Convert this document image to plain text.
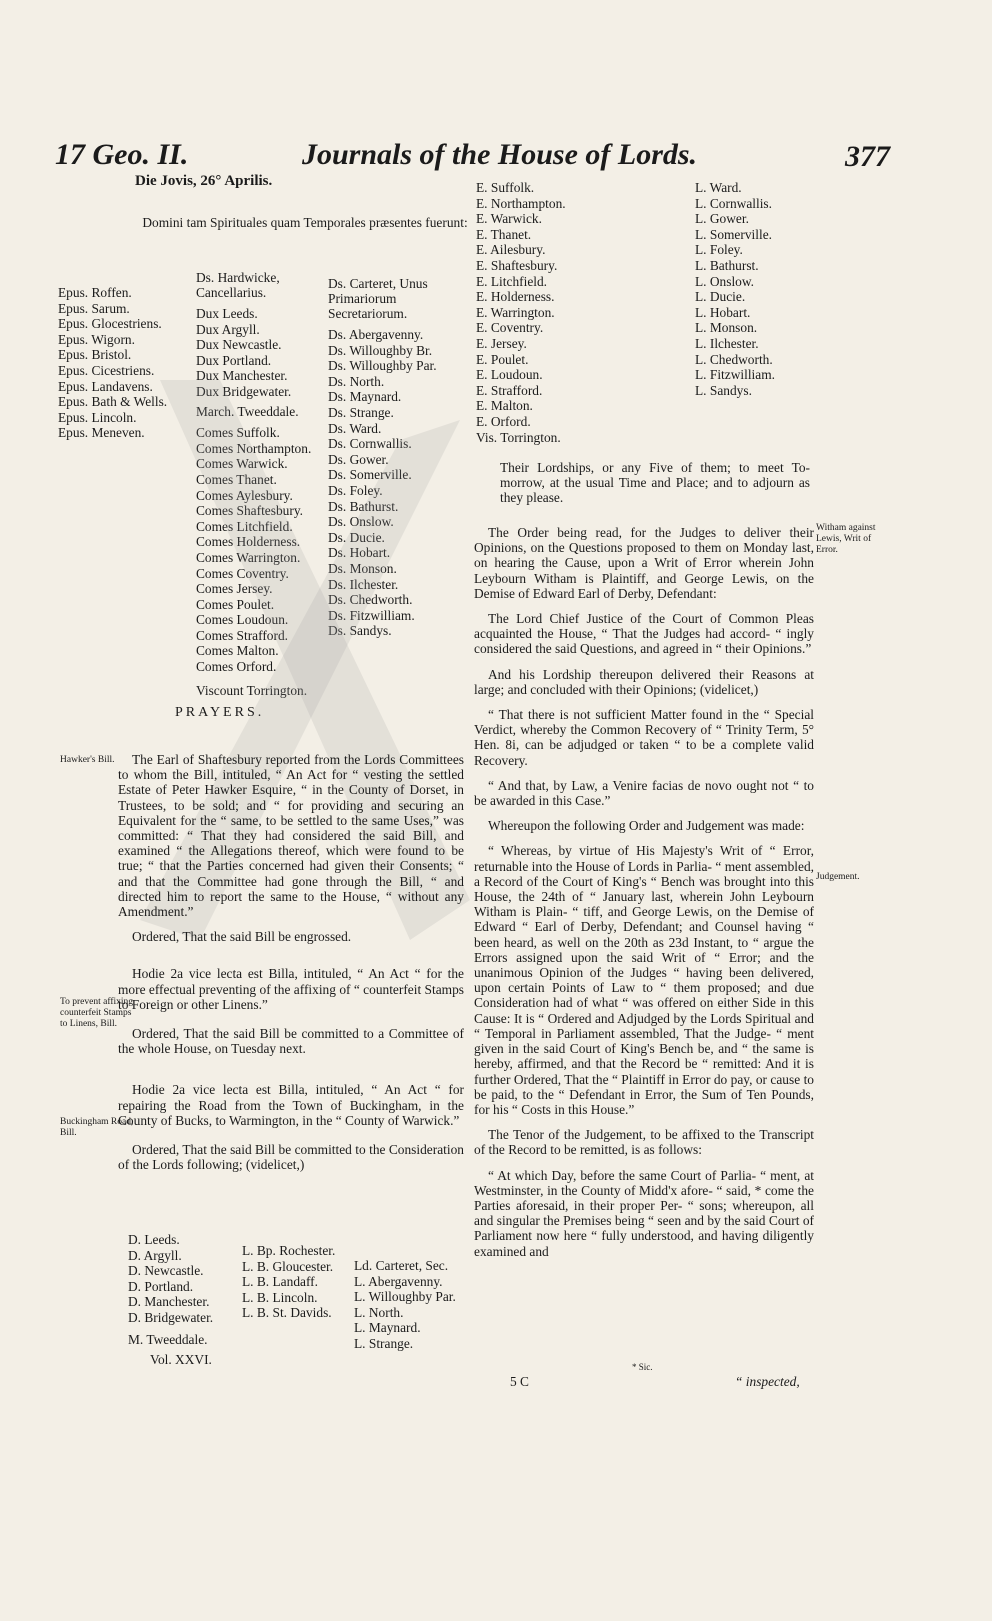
17 Geo. II.	Journals of the House of Lords.	377
Die Jovis, 26° Aprilis.
Domini tam Spirituales quam Temporales præsentes fuerunt:
Epus. Roffen.
Epus. Sarum.
Epus. Glocestriens.
Epus. Wigorn.
Epus. Bristol.
Epus. Cicestriens.
Epus. Landavens.
Epus. Bath & Wells.
Epus. Lincoln.
Epus. Meneven.
Ds. Hardwicke, Cancellarius.
Dux Leeds.
Dux Argyll.
Dux Newcastle.
Dux Portland.
Dux Manchester.
Dux Bridgewater.
March. Tweeddale.
Comes Suffolk.
Comes Northampton.
Comes Warwick.
Comes Thanet.
Comes Aylesbury.
Comes Shaftesbury.
Comes Litchfield.
Comes Holderness.
Comes Warrington.
Comes Coventry.
Comes Jersey.
Comes Poulet.
Comes Loudoun.
Comes Strafford.
Comes Malton.
Comes Orford.
Viscount Torrington.
Ds. Carteret, Unus Primariorum Secretariorum.
Ds. Abergavenny.
Ds. Willoughby Br.
Ds. Willoughby Par.
Ds. North.
Ds. Maynard.
Ds. Strange.
Ds. Ward.
Ds. Cornwallis.
Ds. Gower.
Ds. Somerville.
Ds. Foley.
Ds. Bathurst.
Ds. Onslow.
Ds. Ducie.
Ds. Hobart.
Ds. Monson.
Ds. Ilchester.
Ds. Chedworth.
Ds. Fitzwilliam.
Ds. Sandys.
PRAYERS.
Hawker's Bill.
To prevent affixing counterfeit Stamps to Linens, Bill.
Buckingham Road, Bill.

The Earl of Shaftesbury reported from the Lords Committees to whom the Bill, intituled, “ An Act for “ vesting the settled Estate of Peter Hawker Esquire, “ in the County of Dorset, in Trustees, to be sold; and “ for providing and securing an Equivalent for the “ same, to be settled to the same Uses,” was committed: “ That they had considered the said Bill, and examined “ the Allegations thereof, which were found to be true; “ that the Parties concerned had given their Consents; “ and that the Committee had gone through the Bill, “ and directed him to report the same to the House, “ without any Amendment.”

Ordered, That the said Bill be engrossed.

Hodie 2a vice lecta est Billa, intituled, “ An Act “ for the more effectual preventing of the affixing of “ counterfeit Stamps to Foreign or other Linens.”

Ordered, That the said Bill be committed to a Committee of the whole House, on Tuesday next.

Hodie 2a vice lecta est Billa, intituled, “ An Act “ for repairing the Road from the Town of Buckingham, in the County of Bucks, to Warmington, in the “ County of Warwick.”

Ordered, That the said Bill be committed to the Consideration of the Lords following; (videlicet,)

D. Leeds.
D. Argyll.
D. Newcastle.
D. Portland.
D. Manchester.
D. Bridgewater.
M. Tweeddale.
L. Bp. Rochester.
L. B. Gloucester.
L. B. Landaff.
L. B. Lincoln.
L. B. St. Davids.
Ld. Carteret, Sec.
L. Abergavenny.
L. Willoughby Par.
L. North.
L. Maynard.
L. Strange.
Vol. XXVI.
E. Suffolk.
E. Northampton.
E. Warwick.
E. Thanet.
E. Ailesbury.
E. Shaftesbury.
E. Litchfield.
E. Holderness.
E. Warrington.
E. Coventry.
E. Jersey.
E. Poulet.
E. Loudoun.
E. Strafford.
E. Malton.
E. Orford.
Vis. Torrington.
L. Ward.
L. Cornwallis.
L. Gower.
L. Somerville.
L. Foley.
L. Bathurst.
L. Onslow.
L. Ducie.
L. Hobart.
L. Monson.
L. Ilchester.
L. Chedworth.
L. Fitzwilliam.
L. Sandys.
Their Lordships, or any Five of them; to meet To-morrow, at the usual Time and Place; and to adjourn as they please.
Witham against Lewis, Writ of Error.
Judgement.

The Order being read, for the Judges to deliver their Opinions, on the Questions proposed to them on Monday last, on hearing the Cause, upon a Writ of Error wherein John Leybourn Witham is Plaintiff, and George Lewis, on the Demise of Edward Earl of Derby, Defendant:

The Lord Chief Justice of the Court of Common Pleas acquainted the House, “ That the Judges had accord- “ ingly considered the said Questions, and agreed in “ their Opinions.”

And his Lordship thereupon delivered their Reasons at large; and concluded with their Opinions; (videlicet,)

“ That there is not sufficient Matter found in the “ Special Verdict, whereby the Common Recovery of “ Trinity Term, 5° Hen. 8i, can be adjudged or taken “ to be a complete valid Recovery.

“ And that, by Law, a Venire facias de novo ought not “ to be awarded in this Case.”

Whereupon the following Order and Judgement was made:

“ Whereas, by virtue of His Majesty's Writ of “ Error, returnable into the House of Lords in Parlia- “ ment assembled, a Record of the Court of King's “ Bench was brought into this House, the 24th of “ January last, wherein John Leybourn Witham is Plain- “ tiff, and George Lewis, on the Demise of Edward “ Earl of Derby, Defendant; and Counsel having “ been heard, as well on the 20th as 23d Instant, to “ argue the Errors assigned upon the said Writ of “ Error; and the unanimous Opinion of the Judges “ having been delivered, upon certain Points of Law to “ them proposed; and due Consideration had of what “ was offered on either Side in this Cause: It is “ Ordered and Adjudged by the Lords Spiritual and “ Temporal in Parliament assembled, That the Judge- “ ment given in the said Court of King's Bench be, and “ the same is hereby, affirmed, and that the Record be “ remitted: And it is further Ordered, That the “ Plaintiff in Error do pay, or cause to be paid, to the “ Defendant in Error, the Sum of Ten Pounds, for his “ Costs in this House.”

The Tenor of the Judgement, to be affixed to the Transcript of the Record to be remitted, is as follows:

“ At which Day, before the same Court of Parlia- “ ment, at Westminster, in the County of Midd'x afore- “ said, * come the Parties aforesaid, in their proper Per- “ sons; whereupon, all and singular the Premises being “ seen and by the said Court of Parliament now here “ fully understood, and having diligently examined and

* Sic.
5 C	“ inspected,
